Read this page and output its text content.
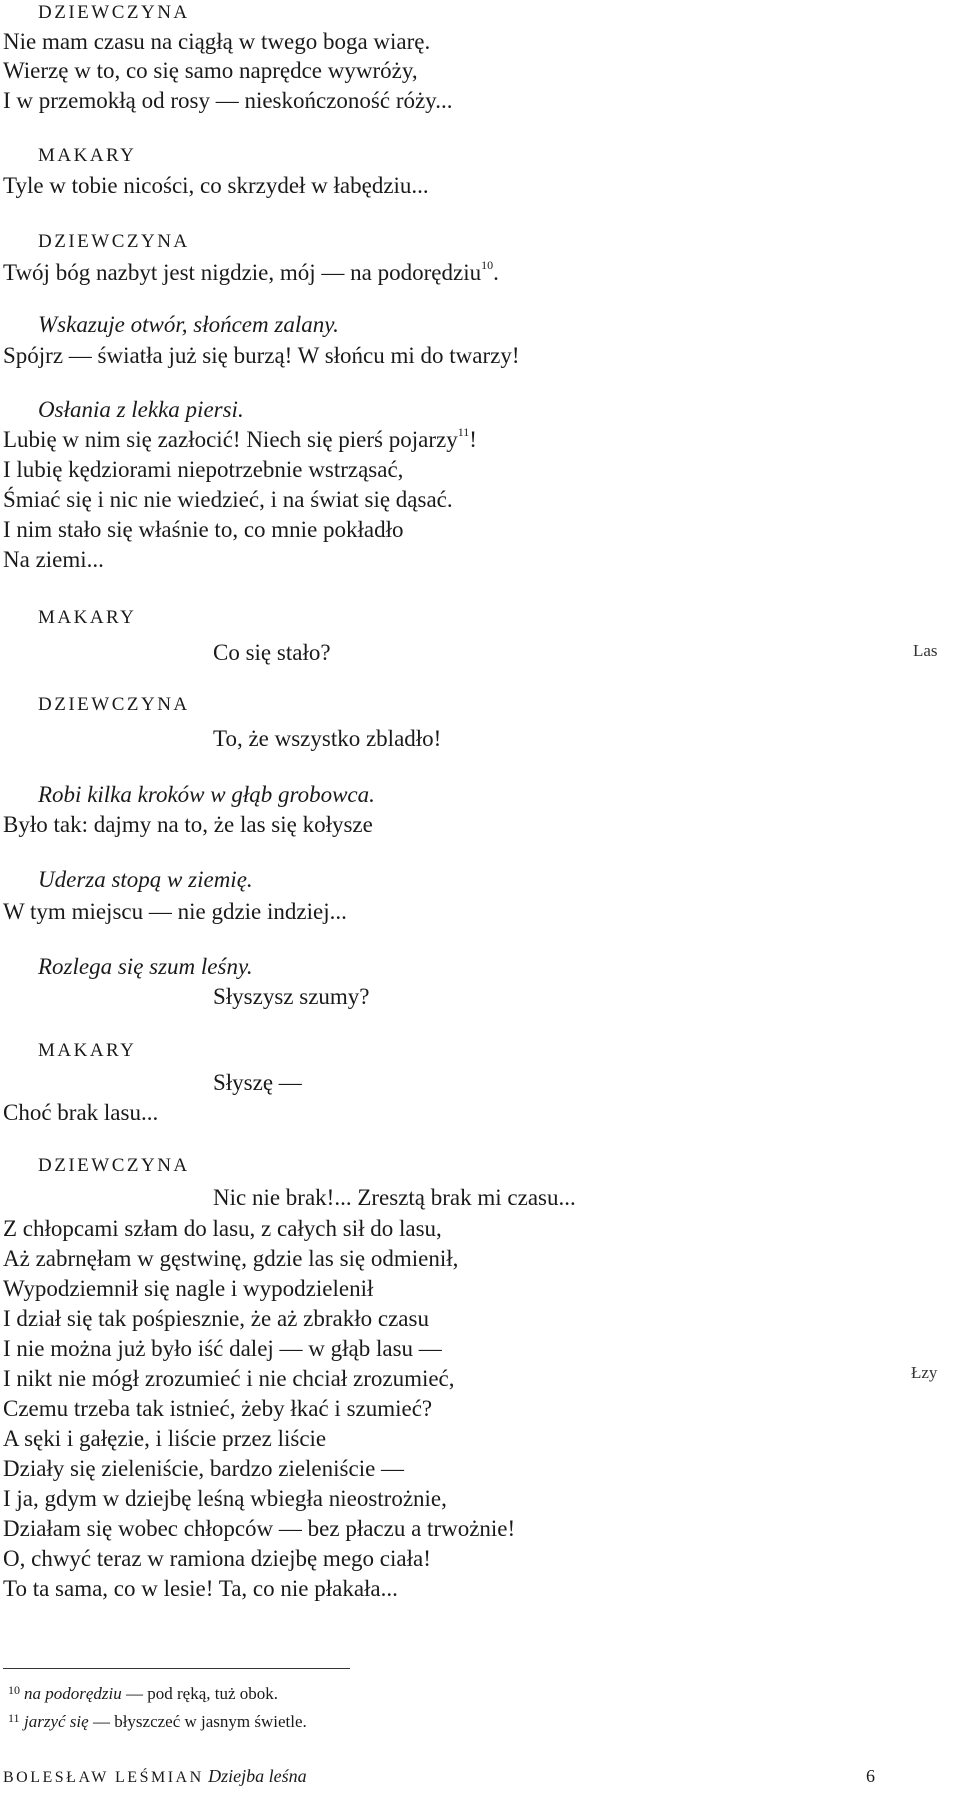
DZIEWCZYNA
Nie mam czasu na ciągłą w twego boga wiarę.
Wierzę w to, co się samo naprędce wywróży,
I w przemokłą od rosy — nieskończoność róży...
MAKARY
Tyle w tobie nicości, co skrzydeł w łabędziu...
DZIEWCZYNA
Twój bóg nazbyt jest nigdzie, mój — na podorędziu$^{10}$.
Wskazuje otwór, słońcem zalany.
Spójrz — światła już się burzą! W słońcu mi do twarzy!
Osłania z lekka piersi.
Lubię w nim się zazłocić! Niech się pierś pojarzy$^{11}$!
I lubię kędziorami niepotrzebnie wstrząsać,
Śmiać się i nic nie wiedzieć, i na świat się dąsać.
I nim stało się właśnie to, co mnie pokładło
Na ziemi...
MAKARY
Co się stało?
DZIEWCZYNA
To, że wszystko zbladło!
Robi kilka kroków w głąb grobowca.
Było tak: dajmy na to, że las się kołysze
Uderza stopą w ziemię.
W tym miejscu — nie gdzie indziej...
Rozlega się szum leśny.
Słyszysz szumy?
MAKARY
Słyszę —
Choć brak lasu...
DZIEWCZYNA
Nic nie brak!... Zresztą brak mi czasu...
Z chłopcami szłam do lasu, z całych sił do lasu,
Aż zabrnęłam w gęstwinę, gdzie las się odmienił,
Wypodziemnił się nagle i wypodzielenił
I dział się tak pośpiesznie, że aż zbrakło czasu
I nie można już było iść dalej — w głąb lasu —
I nikt nie mógł zrozumieć i nie chciał zrozumieć,
Czemu trzeba tak istnieć, żeby łkać i szumieć?
A sęki i gałęzie, i liście przez liście
Działy się zieleniście, bardzo zieleniście —
I ja, gdym w dziejbę leśną wbiegła nieostrożnie,
Działam się wobec chłopców — bez płaczu a trwożnie!
O, chwyć teraz w ramiona dziejbę mego ciała!
To ta sama, co w lesie! Ta, co nie płakała...
Las
Łzy
10 na podorędziu — pod ręką, tuż obok.
11 jarzyć się — błyszczeć w jasnym świetle.
BOLESŁAW LEŚMIAN Dziejba leśna	6
